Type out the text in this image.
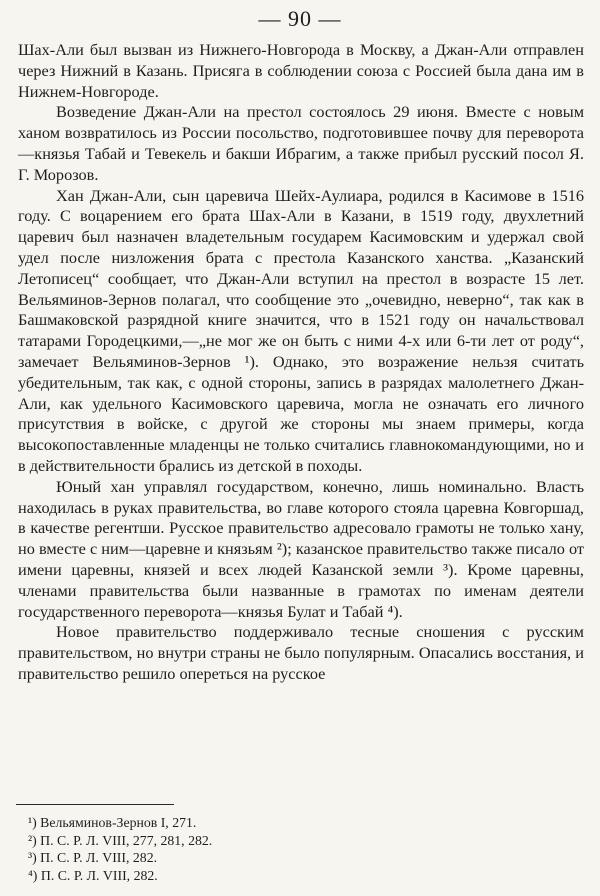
— 90 —

Шах-Али был вызван из Нижнего-Новгорода в Москву, а Джан-Али отправлен через Нижний в Казань. Присяга в соблюдении союза с Россией была дана им в Нижнем-Новгороде.

Возведение Джан-Али на престол состоялось 29 июня. Вместе с новым ханом возвратилось из России посольство, подготовившее почву для переворота—князья Табай и Тевекель и бакши Ибрагим, а также прибыл русский посол Я. Г. Морозов.

Хан Джан-Али, сын царевича Шейх-Аулиара, родился в Касимове в 1516 году. С воцарением его брата Шах-Али в Казани, в 1519 году, двухлетний царевич был назначен владетельным государем Касимовским и удержал свой удел после низложения брата с престола Казанского ханства. „Казанский Летописец“ сообщает, что Джан-Али вступил на престол в возрасте 15 лет. Вельяминов-Зернов полагал, что сообщение это „очевидно, неверно“, так как в Башмаковской разрядной книге значится, что в 1521 году он начальствовал татарами Городецкими,—„не мог же он быть с ними 4-х или 6-ти лет от роду“, замечает Вельяминов-Зернов ¹). Однако, это возражение нельзя считать убедительным, так как, с одной стороны, запись в разрядах малолетнего Джан-Али, как удельного Касимовского царевича, могла не означать его личного присутствия в войске, с другой же стороны мы знаем примеры, когда высокопоставленные младенцы не только считались главнокомандующими, но и в действительности брались из детской в походы.

Юный хан управлял государством, конечно, лишь номинально. Власть находилась в руках правительства, во главе которого стояла царевна Ковгоршад, в качестве регентши. Русское правительство адресовало грамоты не только хану, но вместе с ним—царевне и князьям ²); казанское правительство также писало от имени царевны, князей и всех людей Казанской земли ³). Кроме царевны, членами правительства были названные в грамотах по именам деятели государственного переворота—князья Булат и Табай ⁴).

Новое правительство поддерживало тесные сношения с русским правительством, но внутри страны не было популярным. Опасались восстания, и правительство решило опереться на русское

¹) Вельяминов-Зернов I, 271.
²) П. С. Р. Л. VIII, 277, 281, 282.
³) П. С. Р. Л. VIII, 282.
⁴) П. С. Р. Л. VIII, 282.
